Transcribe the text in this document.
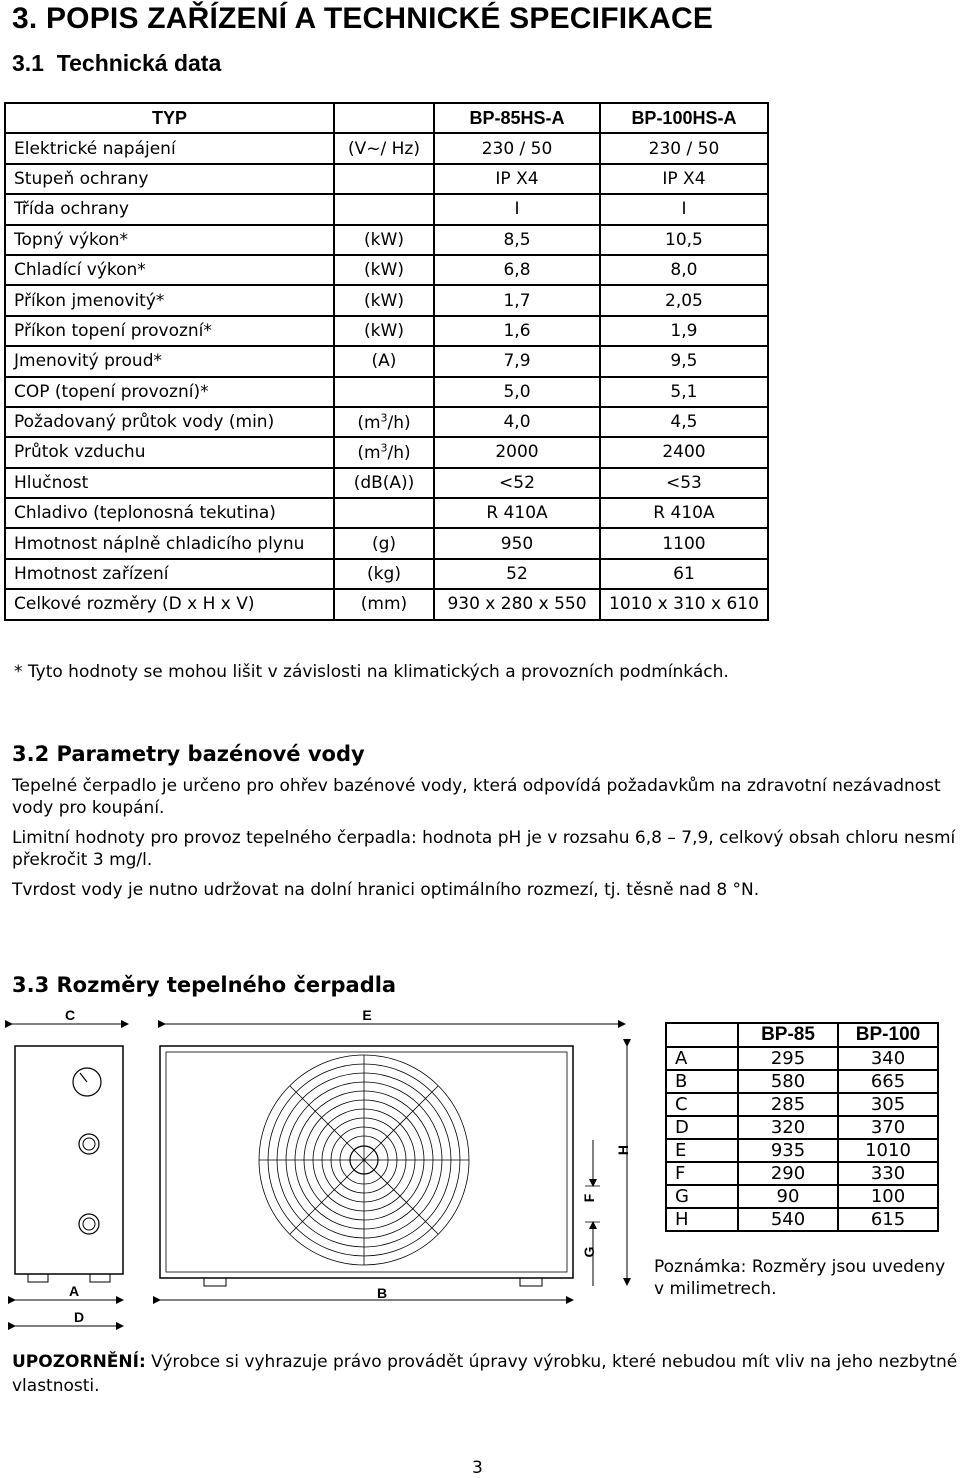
3. POPIS ZAŘÍZENÍ A TECHNICKÉ SPECIFIKACE
3.1 Technická data
TYP		BP-85HS-A	BP-100HS-A
Elektrické napájení	(V~/ Hz)	230 / 50	230 / 50
Stupeň ochrany		IP X4	IP X4
Třída ochrany		I	I
Topný výkon*	(kW)	8,5	10,5
Chladící výkon*	(kW)	6,8	8,0
Příkon jmenovitý*	(kW)	1,7	2,05
Příkon topení provozní*	(kW)	1,6	1,9
Jmenovitý proud*	(A)	7,9	9,5
COP (topení provozní)*		5,0	5,1
Požadovaný průtok vody (min)	$(m^3/h)$	4,0	4,5
Průtok vzduchu	$(m^3/h)$	2000	2400
Hlučnost	(dB(A))	<52	<53
Chladivo (teplonosná tekutina)		R 410A	R 410A
Hmotnost náplně chladicího plynu	(g)	950	1100
Hmotnost zařízení	(kg)	52	61
Celkové rozměry (D x H x V)	(mm)	930 x 280 x 550	1010 x 310 x 610

* Tyto hodnoty se mohou lišit v závislosti na klimatických a provozních podmínkách.

3.2 Parametry bazénové vody

Tepelné čerpadlo je určeno pro ohřev bazénové vody, která odpovídá požadavkům na zdravotní nezávadnost vody pro koupání.

Limitní hodnoty pro provoz tepelného čerpadla: hodnota pH je v rozsahu 6,8 – 7,9, celkový obsah chloru nesmí překročit 3 mg/l.

Tvrdost vody je nutno udržovat na dolní hranici optimálního rozmezí, tj. těsně nad 8 °N.

3.3 Rozměry tepelného čerpadla
C	E
F
G
H
A
D
B
	BP-85	BP-100
A	295	340
B	580	665
C	285	305
D	320	370
E	935	1010
F	290	330
G	90	100
H	540	615
Poznámka: Rozměry jsou uvedeny
v milimetrech.

UPOZORNĚNÍ: Výrobce si vyhrazuje právo provádět úpravy výrobku, které nebudou mít vliv na jeho nezbytné vlastnosti.

3
